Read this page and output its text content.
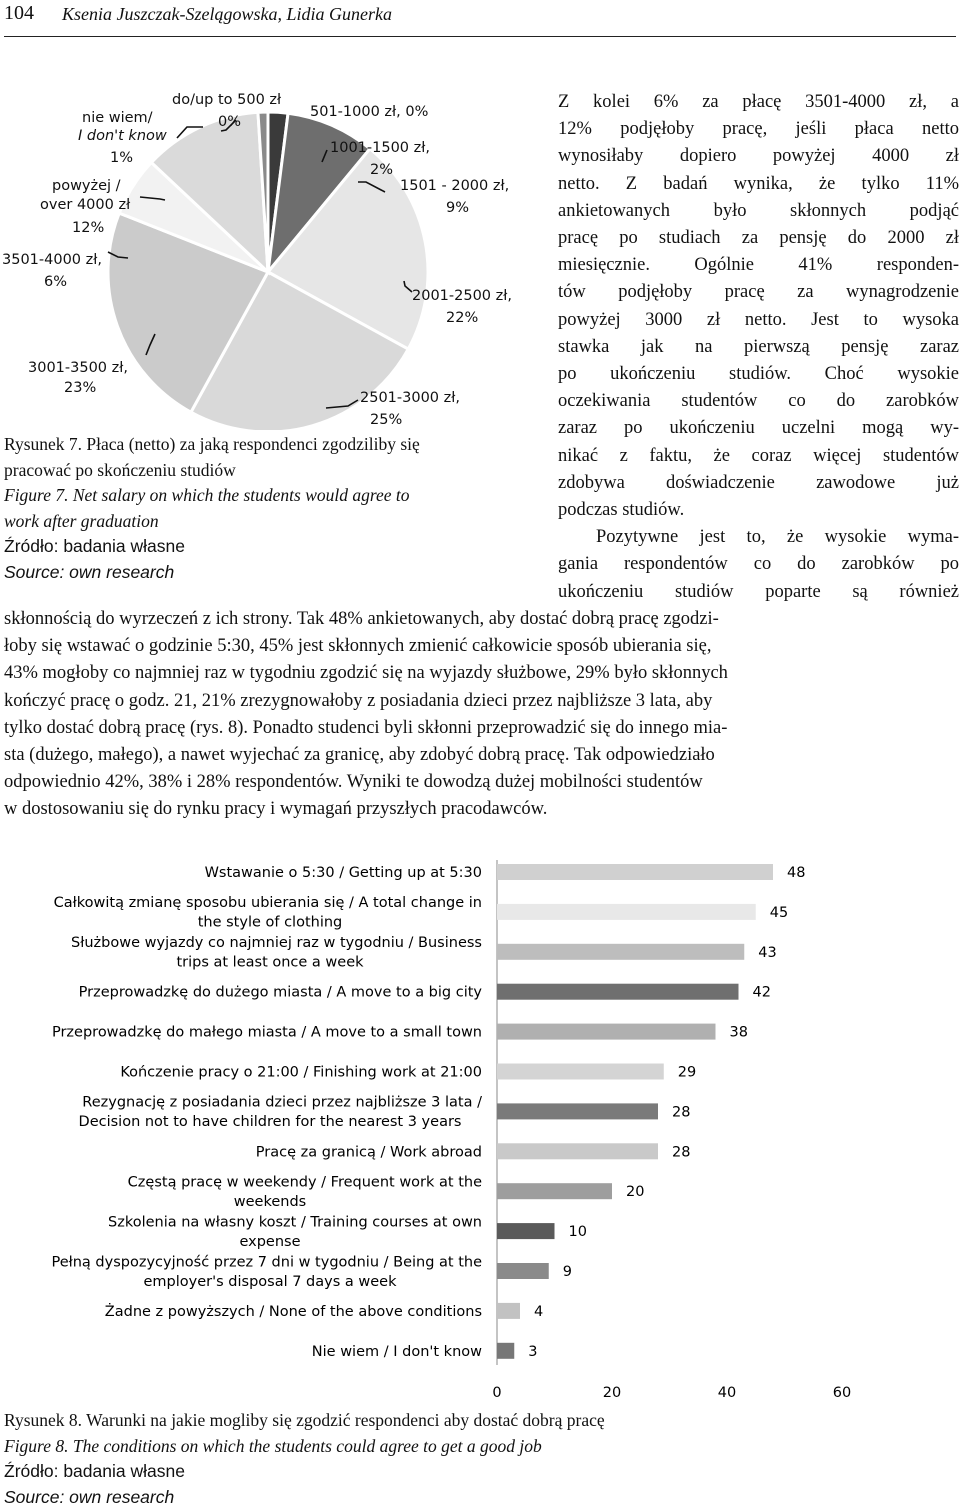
104 Ksenia Juszczak-Szelągowska, Lidia Gunerka
nie wiem/
I don't know
1%
do/up to 500 zł
0%
501-1000 zł, 0%
1001-1500 zł,
2%
1501 - 2000 zł,
9%
powyżej /
over 4000 zł
12%
3501-4000 zł,
6%
2001-2500 zł,
22%
3001-3500 zł,
23%
2501-3000 zł,
25%
Rysunek 7. Płaca (netto) za jaką respondenci zgodziliby się
pracować po skończeniu studiów
Figure 7. Net salary on which the students would agree to
work after graduation
Źródło: badania własne
Source: own research

Z kolei 6% za płacę 3501-4000 zł, a
12% podjęłoby pracę, jeśli płaca netto
wynosiłaby dopiero powyżej 4000 zł
netto. Z badań wynika, że tylko 11%
ankietowanych było skłonnych podjąć
pracę po studiach za pensję do 2000 zł
miesięcznie. Ogólnie 41% responden-
tów podjęłoby pracę za wynagrodzenie
powyżej 3000 zł netto. Jest to wysoka
stawka jak na pierwszą pensję zaraz
po ukończeniu studiów. Choć wysokie
oczekiwania studentów co do zarobków
zaraz po ukończeniu uczelni mogą wy-
nikać z faktu, że coraz więcej studentów
zdobywa doświadczenie zawodowe już

podczas studiów.

Pozytywne jest to, że wysokie wyma-
gania respondentów co do zarobków po
ukończeniu studiów poparte są również

skłonnością do wyrzeczeń z ich strony. Tak 48% ankietowanych, aby dostać dobrą pracę zgodzi-
łoby się wstawać o godzinie 5:30, 45% jest skłonnych zmienić całkowicie sposób ubierania się,
43% mogłoby co najmniej raz w tygodniu zgodzić się na wyjazdy służbowe, 29% było skłonnych
kończyć pracę o godz. 21, 21% zrezygnowałoby z posiadania dzieci przez najbliższe 3 lata, aby
tylko dostać dobrą pracę (rys. 8). Ponadto studenci byli skłonni przeprowadzić się do innego mia-
sta (dużego, małego), a nawet wyjechać za granicę, aby zdobyć dobrą pracę. Tak odpowiedziało
odpowiednio 42%, 38% i 28% respondentów. Wyniki te dowodzą dużej mobilności studentów
w dostosowaniu się do rynku pracy i wymagań przyszłych pracodawców.
Wstawanie o 5:30 / Getting up at 5:30
Całkowitą zmianę sposobu ubierania się / A total change in
the style of clothing
Służbowe wyjazdy co najmniej raz w tygodniu / Business
trips at least once a week
Przeprowadzkę do dużego miasta / A move to a big city
Przeprowadzkę do małego miasta / A move to a small town
Kończenie pracy o 21:00 / Finishing work at 21:00
Rezygnację z posiadania dzieci przez najbliższe 3 lata /
Decision not to have children for the nearest 3 years
Pracę za granicą / Work abroad
Częstą pracę w weekendy / Frequent work at the
weekends
Szkolenia na własny koszt / Training courses at own
expense
Pełną dyspozycyjność przez 7 dni w tygodniu / Being at the
employer's disposal 7 days a week
Żadne z powyższych / None of the above conditions
Nie wiem / I don't know
48
45
43
42
38
29
28
28
20
10
9
4
3
0	20	40	60
Rysunek 8. Warunki na jakie mogliby się zgodzić respondenci aby dostać dobrą pracę
Figure 8. The conditions on which the students could agree to get a good job
Źródło: badania własne
Source: own research
